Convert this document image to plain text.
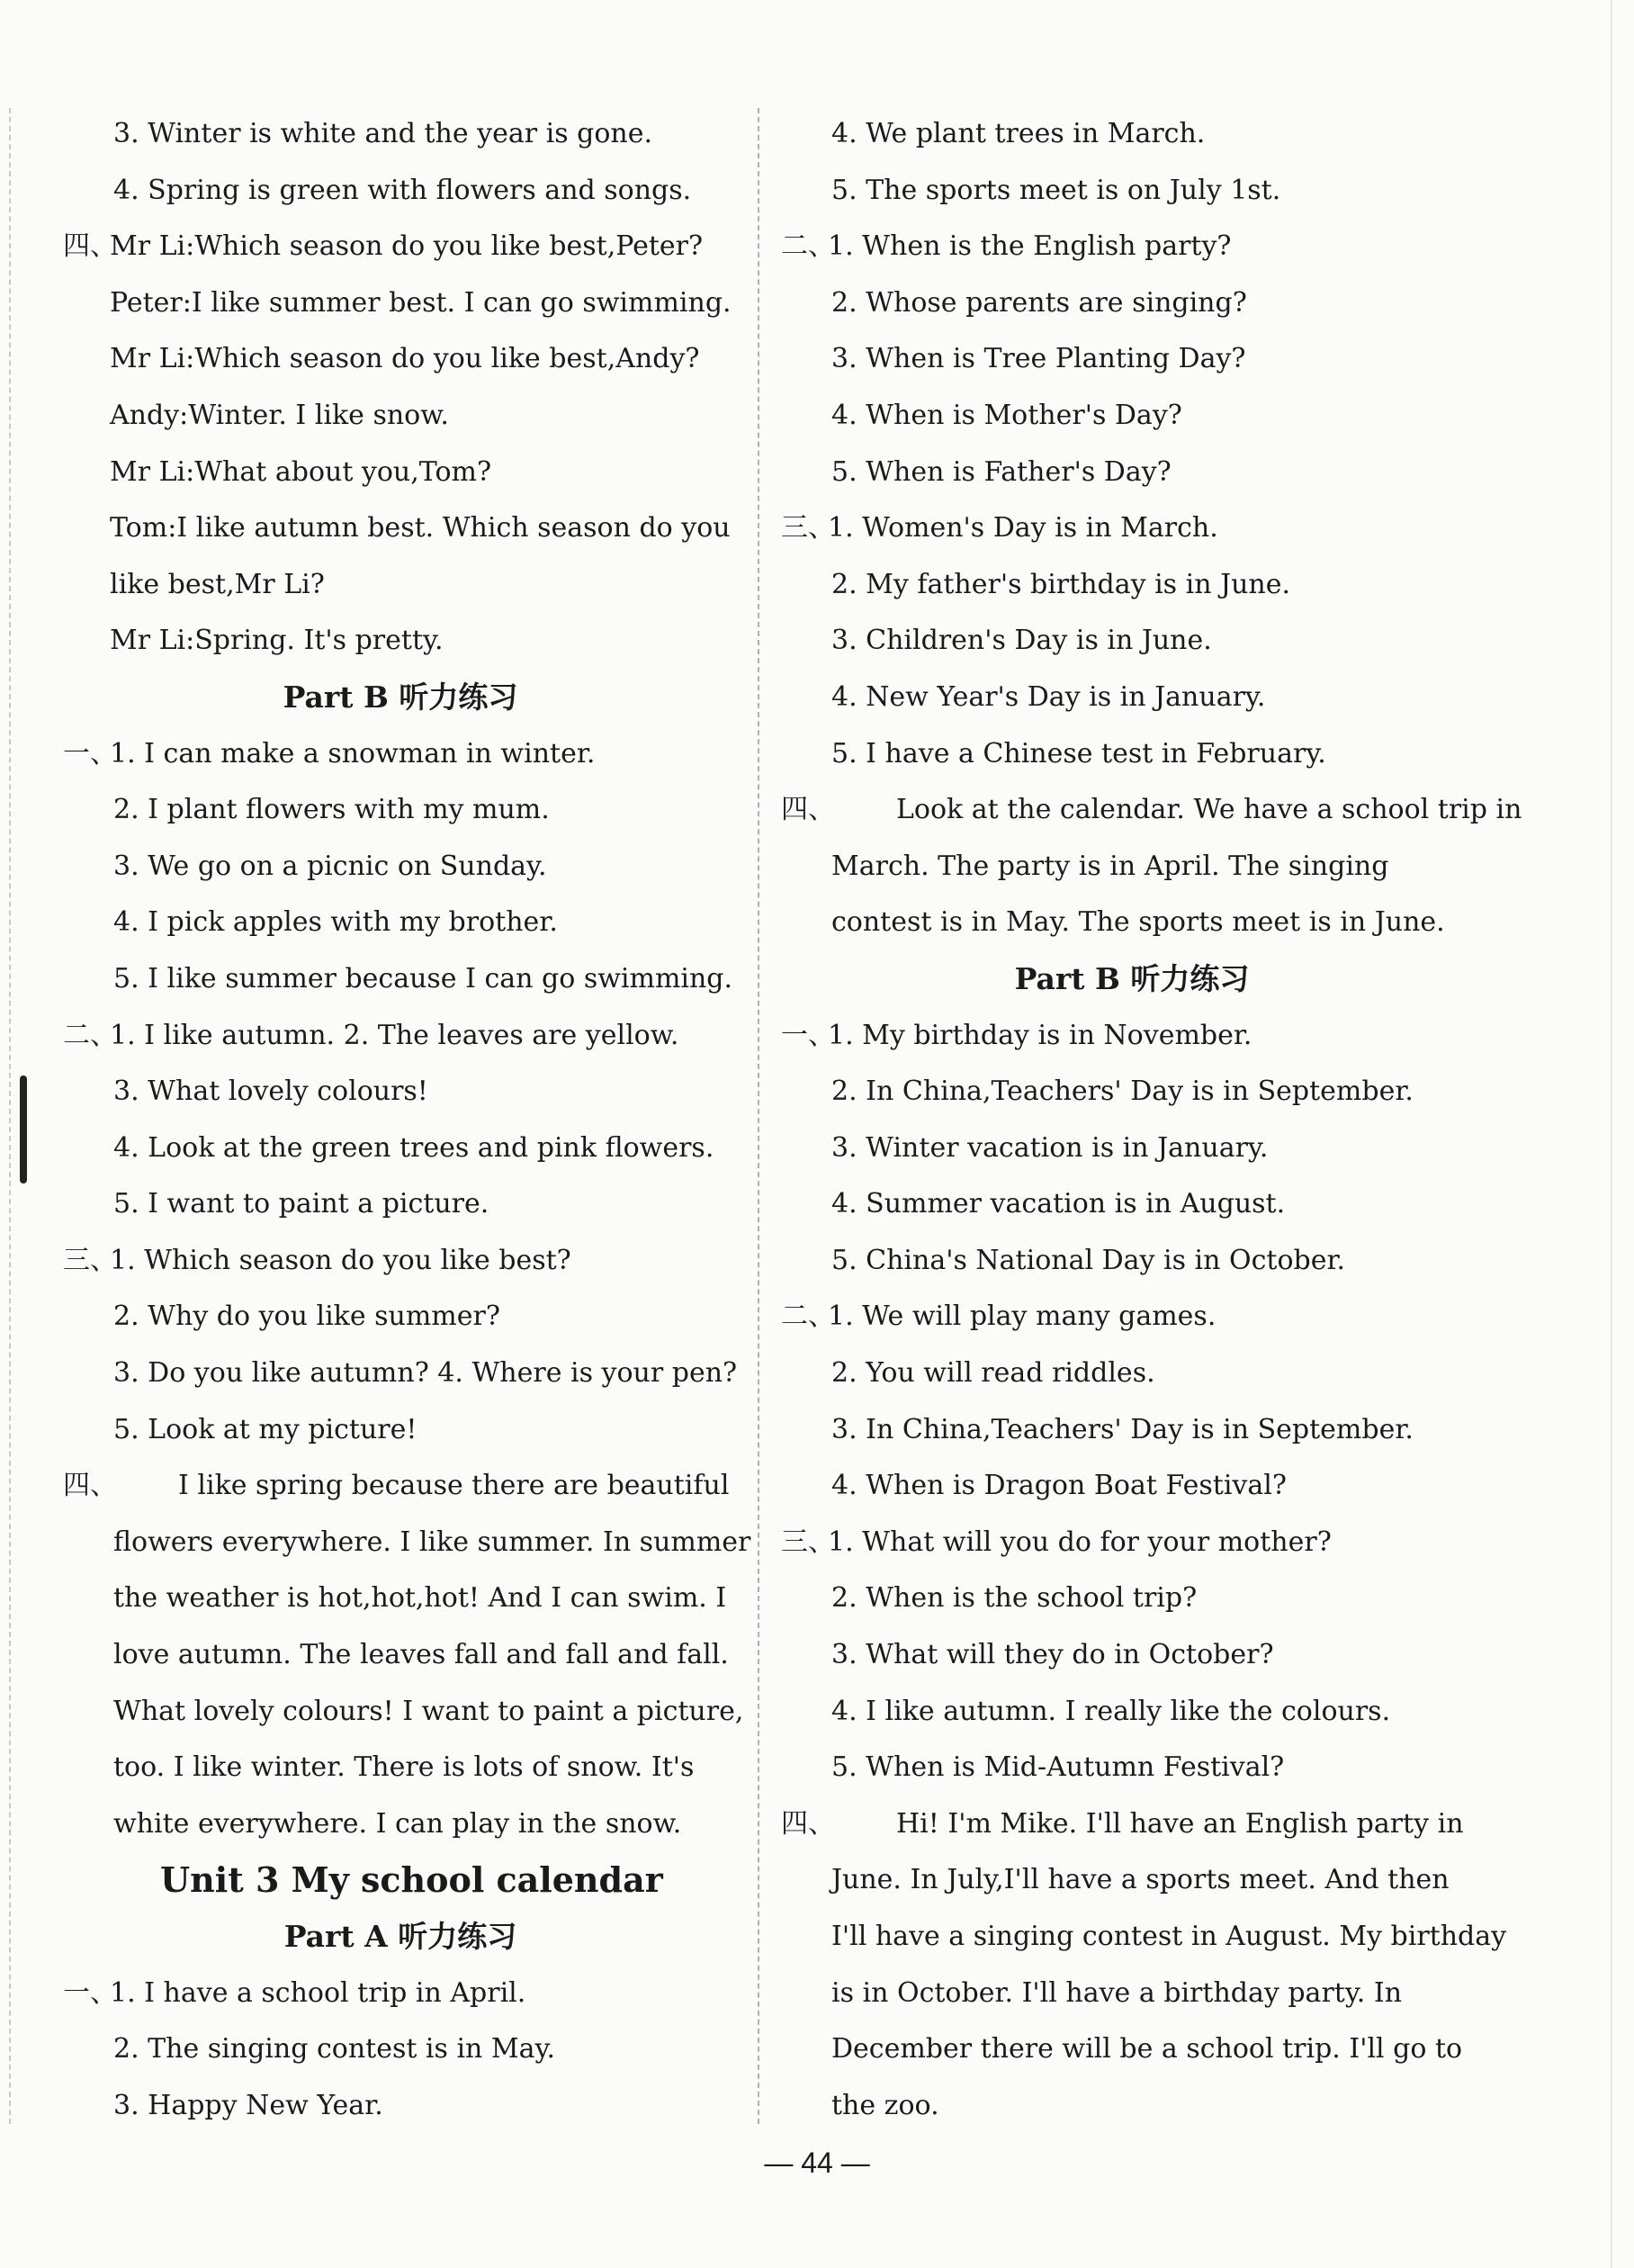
3. Winter is white and the year is gone.
4. Spring is green with flowers and songs.
四、
Mr Li:Which season do you like best,Peter?
Peter:I like summer best. I can go swimming.
Mr Li:Which season do you like best,Andy?
Andy:Winter. I like snow.
Mr Li:What about you,Tom?
Tom:I like autumn best. Which season do you
like best,Mr Li?
Mr Li:Spring. It's pretty.
Part B 听力练习
一、
1. I can make a snowman in winter.
2. I plant flowers with my mum.
3. We go on a picnic on Sunday.
4. I pick apples with my brother.
5. I like summer because I can go swimming.
二、
1. I like autumn. 2. The leaves are yellow.
3. What lovely colours!
4. Look at the green trees and pink flowers.
5. I want to paint a picture.
三、
1. Which season do you like best?
2. Why do you like summer?
3. Do you like autumn? 4. Where is your pen?
5. Look at my picture!
四、 I like spring because there are beautiful
flowers everywhere. I like summer. In summer
the weather is hot,hot,hot! And I can swim. I
love autumn. The leaves fall and fall and fall.
What lovely colours! I want to paint a picture,
too. I like winter. There is lots of snow. It's
white everywhere. I can play in the snow.
Unit 3 My school calendar
Part A 听力练习
一、
1. I have a school trip in April.
2. The singing contest is in May.
3. Happy New Year.
4. We plant trees in March.
5. The sports meet is on July 1st.
二、
1. When is the English party?
2. Whose parents are singing?
3. When is Tree Planting Day?
4. When is Mother's Day?
5. When is Father's Day?
三、
1. Women's Day is in March.
2. My father's birthday is in June.
3. Children's Day is in June.
4. New Year's Day is in January.
5. I have a Chinese test in February.
四、 Look at the calendar. We have a school trip in
March. The party is in April. The singing
contest is in May. The sports meet is in June.
Part B 听力练习
一、
1. My birthday is in November.
2. In China,Teachers' Day is in September.
3. Winter vacation is in January.
4. Summer vacation is in August.
5. China's National Day is in October.
二、
1. We will play many games.
2. You will read riddles.
3. In China,Teachers' Day is in September.
4. When is Dragon Boat Festival?
三、
1. What will you do for your mother?
2. When is the school trip?
3. What will they do in October?
4. I like autumn. I really like the colours.
5. When is Mid-Autumn Festival?
四、 Hi! I'm Mike. I'll have an English party in
June. In July,I'll have a sports meet. And then
I'll have a singing contest in August. My birthday
is in October. I'll have a birthday party. In
December there will be a school trip. I'll go to
the zoo.
— 44 —
